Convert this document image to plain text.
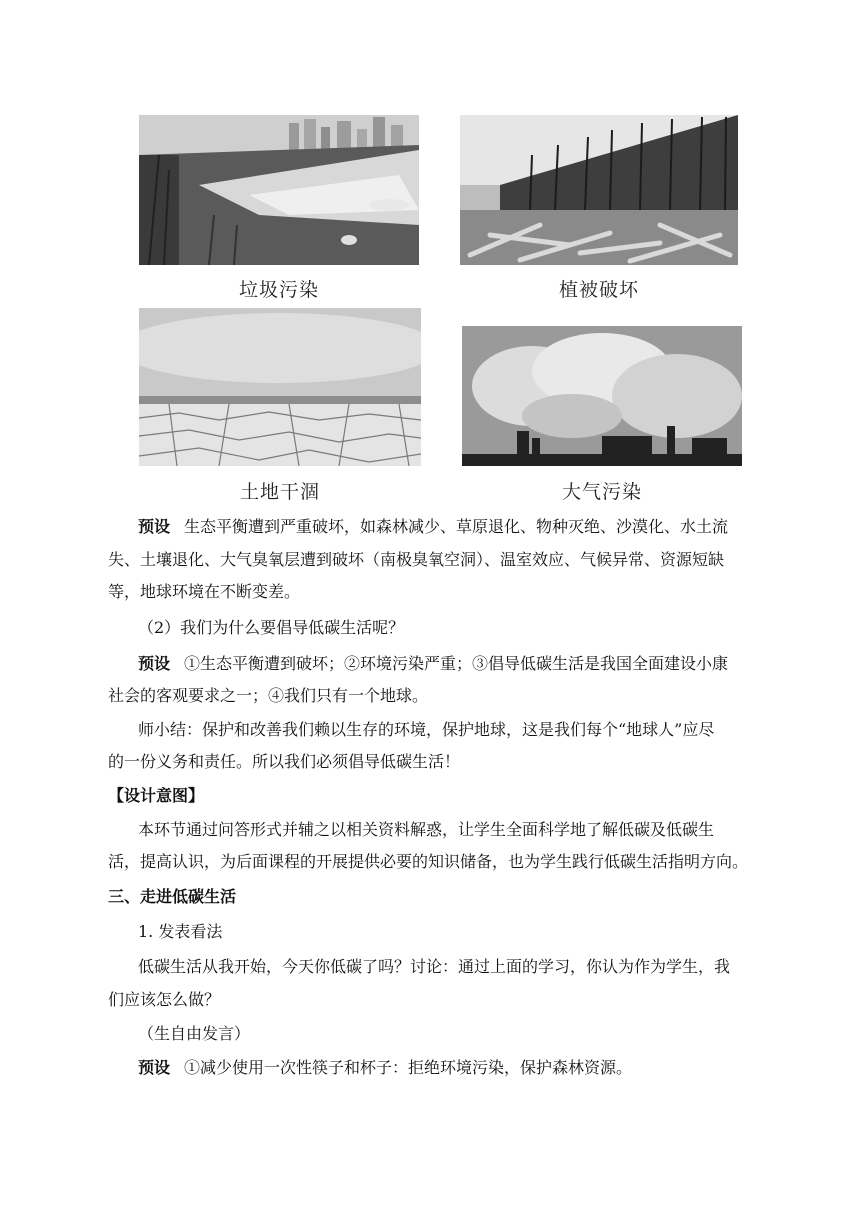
垃圾污染	植被破坏
土地干涸	大气污染
预设 生态平衡遭到严重破坏，如森林减少、草原退化、物种灭绝、沙漠化、水土流
失、土壤退化、大气臭氧层遭到破坏（南极臭氧空洞）、温室效应、气候异常、资源短缺
等，地球环境在不断变差。
（2）我们为什么要倡导低碳生活呢？
预设 ①生态平衡遭到破坏；②环境污染严重；③倡导低碳生活是我国全面建设小康
社会的客观要求之一；④我们只有一个地球。
师小结：保护和改善我们赖以生存的环境，保护地球，这是我们每个“地球人”应尽
的一份义务和责任。所以我们必须倡导低碳生活！
【设计意图】
本环节通过问答形式并辅之以相关资料解惑，让学生全面科学地了解低碳及低碳生
活，提高认识，为后面课程的开展提供必要的知识储备，也为学生践行低碳生活指明方向。
三、走进低碳生活
1. 发表看法
低碳生活从我开始，今天你低碳了吗？讨论：通过上面的学习，你认为作为学生，我
们应该怎么做？
（生自由发言）
预设 ①减少使用一次性筷子和杯子：拒绝环境污染，保护森林资源。
